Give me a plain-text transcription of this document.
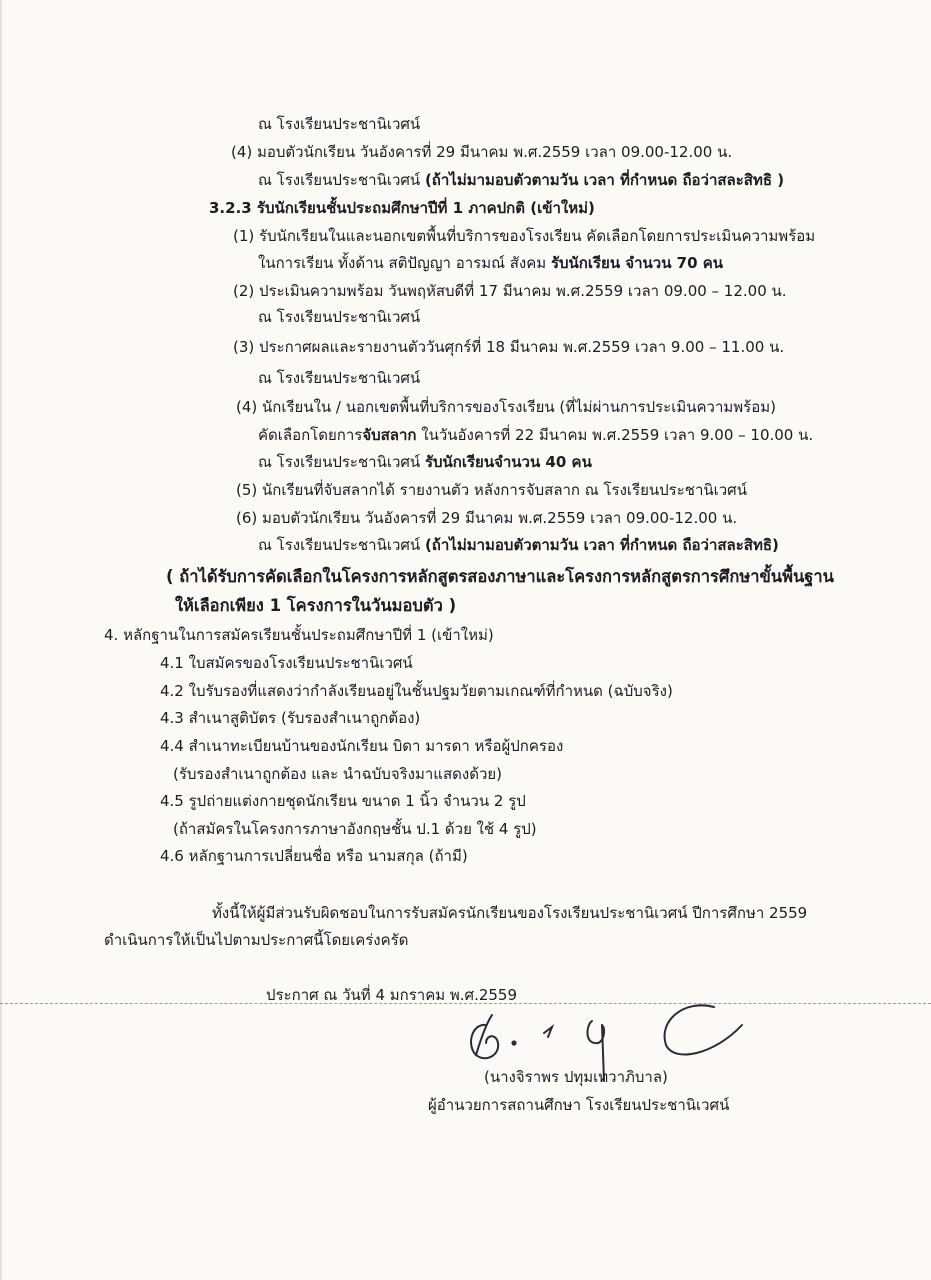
ณ โรงเรียนประชานิเวศน์
(4) มอบตัวนักเรียน วันอังคารที่ 29 มีนาคม พ.ศ.2559 เวลา 09.00-12.00 น.
ณ โรงเรียนประชานิเวศน์ (ถ้าไม่มามอบตัวตามวัน เวลา ที่กำหนด ถือว่าสละสิทธิ )
3.2.3 รับนักเรียนชั้นประถมศึกษาปีที่ 1 ภาคปกติ (เข้าใหม่)
(1) รับนักเรียนในและนอกเขตพื้นที่บริการของโรงเรียน คัดเลือกโดยการประเมินความพร้อม
ในการเรียน ทั้งด้าน สติปัญญา อารมณ์ สังคม รับนักเรียน จำนวน 70 คน
(2) ประเมินความพร้อม วันพฤหัสบดีที่ 17 มีนาคม พ.ศ.2559 เวลา 09.00 – 12.00 น.
ณ โรงเรียนประชานิเวศน์
(3) ประกาศผลและรายงานตัววันศุกร์ที่ 18 มีนาคม พ.ศ.2559 เวลา 9.00 – 11.00 น.
ณ โรงเรียนประชานิเวศน์
(4) นักเรียนใน / นอกเขตพื้นที่บริการของโรงเรียน (ที่ไม่ผ่านการประเมินความพร้อม)
คัดเลือกโดยการจับสลาก ในวันอังคารที่ 22 มีนาคม พ.ศ.2559 เวลา 9.00 – 10.00 น.
ณ โรงเรียนประชานิเวศน์ รับนักเรียนจำนวน 40 คน
(5) นักเรียนที่จับสลากได้ รายงานตัว หลังการจับสลาก ณ โรงเรียนประชานิเวศน์
(6) มอบตัวนักเรียน วันอังคารที่ 29 มีนาคม พ.ศ.2559 เวลา 09.00-12.00 น.
ณ โรงเรียนประชานิเวศน์ (ถ้าไม่มามอบตัวตามวัน เวลา ที่กำหนด ถือว่าสละสิทธิ)
( ถ้าได้รับการคัดเลือกในโครงการหลักสูตรสองภาษาและโครงการหลักสูตรการศึกษาขั้นพื้นฐาน
ให้เลือกเพียง 1 โครงการในวันมอบตัว )
4. หลักฐานในการสมัครเรียนชั้นประถมศึกษาปีที่ 1 (เข้าใหม่)
4.1 ใบสมัครของโรงเรียนประชานิเวศน์
4.2 ใบรับรองที่แสดงว่ากำลังเรียนอยู่ในชั้นปฐมวัยตามเกณฑ์ที่กำหนด (ฉบับจริง)
4.3 สำเนาสูติบัตร (รับรองสำเนาถูกต้อง)
4.4 สำเนาทะเบียนบ้านของนักเรียน บิดา มารดา หรือผู้ปกครอง
(รับรองสำเนาถูกต้อง และ นำฉบับจริงมาแสดงด้วย)
4.5 รูปถ่ายแต่งกายชุดนักเรียน ขนาด 1 นิ้ว จำนวน 2 รูป
(ถ้าสมัครในโครงการภาษาอังกฤษชั้น ป.1 ด้วย ใช้ 4 รูป)
4.6 หลักฐานการเปลี่ยนชื่อ หรือ นามสกุล (ถ้ามี)
ทั้งนี้ให้ผู้มีส่วนรับผิดชอบในการรับสมัครนักเรียนของโรงเรียนประชานิเวศน์ ปีการศึกษา 2559
ดำเนินการให้เป็นไปตามประกาศนี้โดยเคร่งครัด
ประกาศ ณ วันที่ 4 มกราคม พ.ศ.2559
(นางจิราพร ปทุมเทวาภิบาล)
ผู้อำนวยการสถานศึกษา โรงเรียนประชานิเวศน์
